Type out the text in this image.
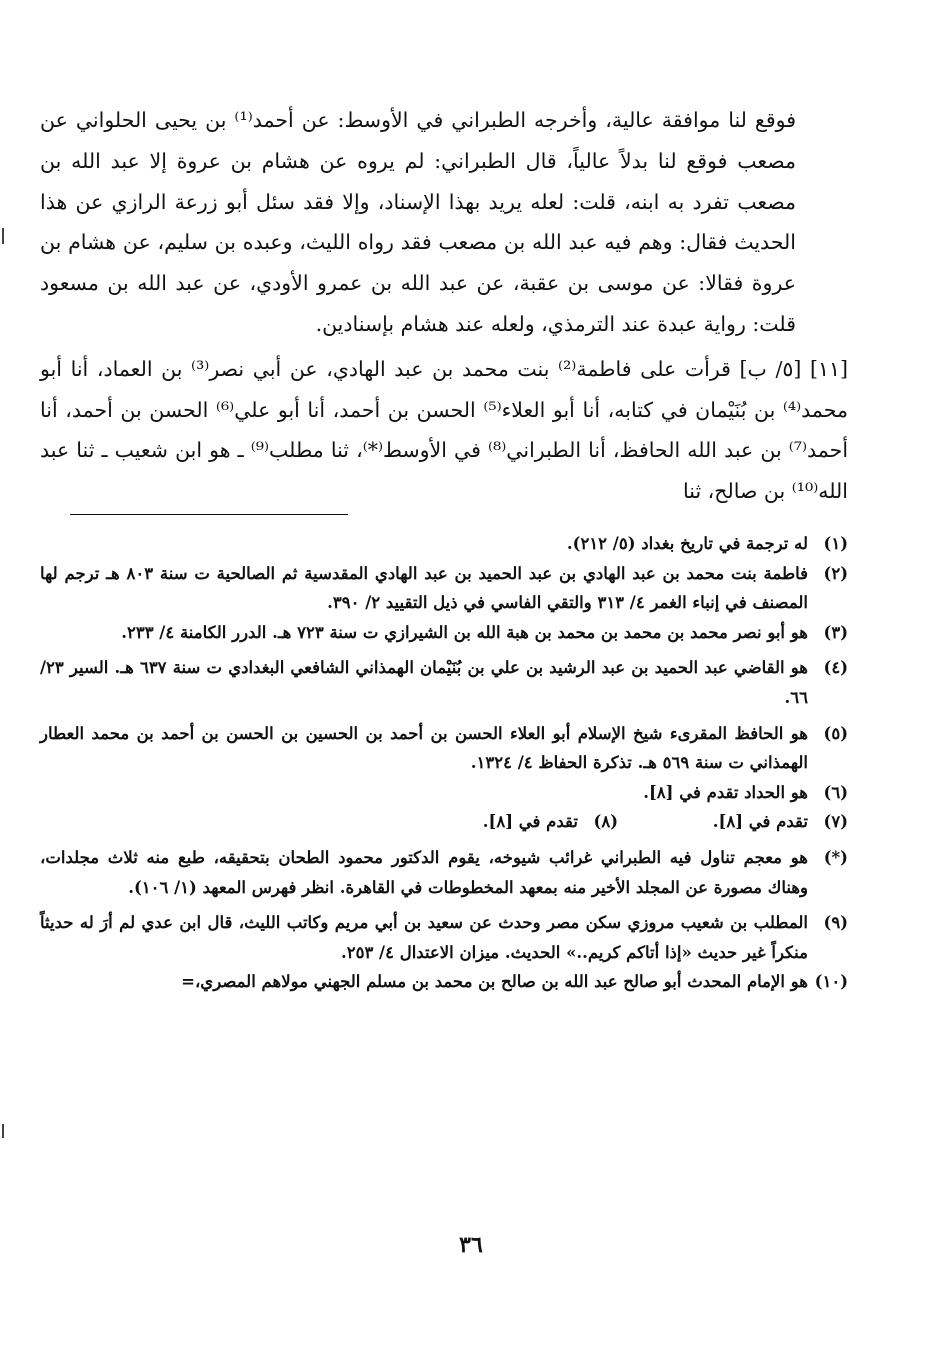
فوقع لنا موافقة عالية، وأخرجه الطبراني في الأوسط: عن أحمد⁽¹⁾ بن يحيى الحلواني عن مصعب فوقع لنا بدلاً عالياً، قال الطبراني: لم يروه عن هشام بن عروة إلا عبد الله بن مصعب تفرد به ابنه، قلت: لعله يريد بهذا الإسناد، وإلا فقد سئل أبو زرعة الرازي عن هذا الحديث فقال: وهم فيه عبد الله بن مصعب فقد رواه الليث، وعبده بن سليم، عن هشام بن عروة فقالا: عن موسى بن عقبة، عن عبد الله بن عمرو الأودي، عن عبد الله بن مسعود قلت: رواية عبدة عند الترمذي، ولعله عند هشام بإسنادين.

[١١] [٥/ ب] قرأت على فاطمة⁽²⁾ بنت محمد بن عبد الهادي، عن أبي نصر⁽³⁾ بن العماد، أنا أبو محمد⁽⁴⁾ بن بُنَيْمان في كتابه، أنا أبو العلاء⁽⁵⁾ الحسن بن أحمد، أنا أبو علي⁽⁶⁾ الحسن بن أحمد، أنا أحمد⁽⁷⁾ بن عبد الله الحافظ، أنا الطبراني⁽⁸⁾ في الأوسط⁽*⁾، ثنا مطلب⁽⁹⁾ ـ هو ابن شعيب ـ ثنا عبد الله⁽¹⁰⁾ بن صالح، ثنا

(١)
له ترجمة في تاريخ بغداد (٥/ ٢١٢).
(٢)
فاطمة بنت محمد بن عبد الهادي بن عبد الحميد بن عبد الهادي المقدسية ثم الصالحية ت سنة ٨٠٣ هـ ترجم لها المصنف في إنباء الغمر ٤/ ٣١٣ والتقي الفاسي في ذيل التقييد ٢/ ٣٩٠.
(٣)
هو أبو نصر محمد بن محمد بن محمد بن هبة الله بن الشيرازي ت سنة ٧٢٣ هـ. الدرر الكامنة ٤/ ٢٣٣.
(٤)
هو القاضي عبد الحميد بن عبد الرشيد بن علي بن بُنَيْمان الهمذاني الشافعي البغدادي ت سنة ٦٣٧ هـ. السير ٢٣/ ٦٦.
(٥)
هو الحافظ المقرىء شيخ الإسلام أبو العلاء الحسن بن أحمد بن الحسين بن الحسن بن أحمد بن محمد العطار الهمذاني ت سنة ٥٦٩ هـ. تذكرة الحفاظ ٤/ ١٣٢٤.
(٦)
هو الحداد تقدم في [٨].
(٧)
تقدم في [٨].
(٨)
تقدم في [٨].
(*)
هو معجم تناول فيه الطبراني غرائب شيوخه، يقوم الدكتور محمود الطحان بتحقيقه، طبع منه ثلاث مجلدات، وهناك مصورة عن المجلد الأخير منه بمعهد المخطوطات في القاهرة. انظر فهرس المعهد (١/ ١٠٦).
(٩)
المطلب بن شعيب مروزي سكن مصر وحدث عن سعيد بن أبي مريم وكاتب الليث، قال ابن عدي لم أرَ له حديثاً منكراً غير حديث «إذا أتاكم كريم..» الحديث. ميزان الاعتدال ٤/ ٢٥٣.
(١٠)
هو الإمام المحدث أبو صالح عبد الله بن صالح بن محمد بن مسلم الجهني مولاهم المصري،=
٣٦
